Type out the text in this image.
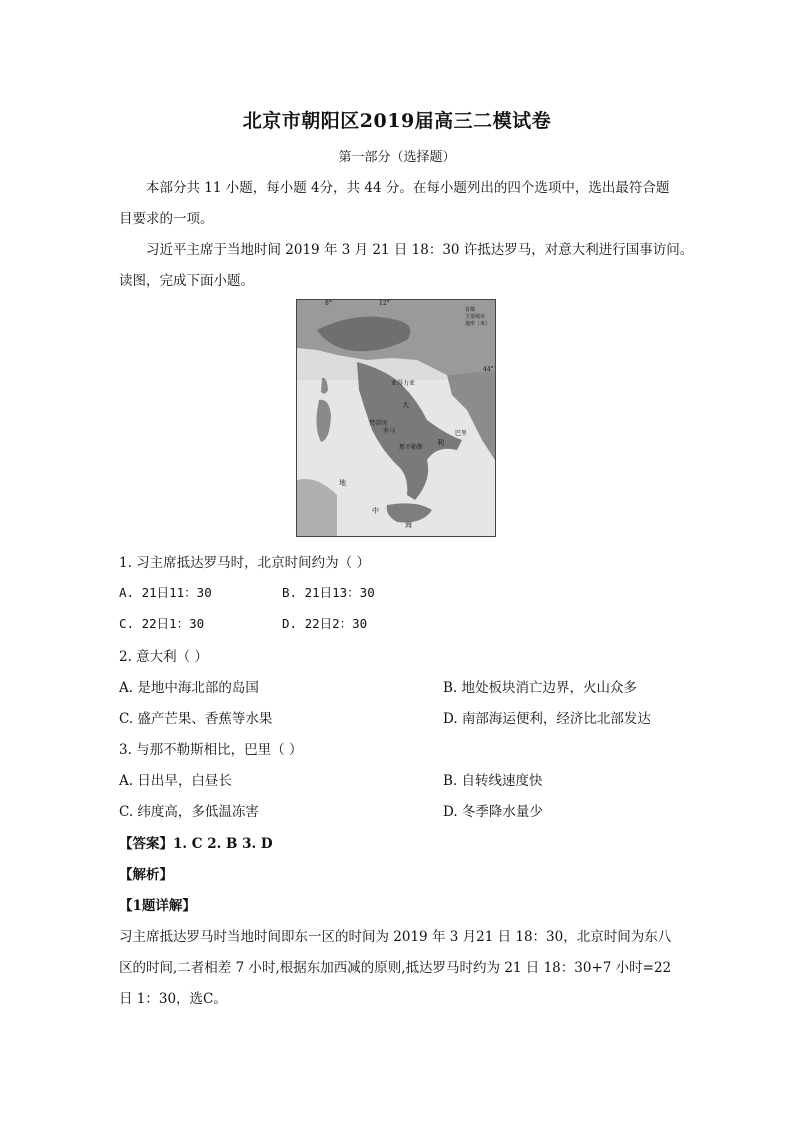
北京市朝阳区2019届高三二模试卷
第一部分（选择题）
本部分共 11 小题，每小题 4分，共 44 分。在每小题列出的四个选项中，选出最符合题
目要求的一项。
习近平主席于当地时间 2019 年 3 月 21 日 18：30 许抵达罗马，对意大利进行国事访问。
读图，完成下面小题。
8°	12°
44°
首都
主要城市
地形（米）
亚得力亚
大
梵蒂冈
罗马
那不勒斯
利
巴里
地
中
海
1. 习主席抵达罗马时，北京时间约为（ ）
A. 21日11：30	B. 21日13：30
C. 22日1：30	D. 22日2：30
2. 意大利（ ）
A. 是地中海北部的岛国	B. 地处板块消亡边界，火山众多
C. 盛产芒果、香蕉等水果	D. 南部海运便利，经济比北部发达
3. 与那不勒斯相比，巴里（ ）
A. 日出早，白昼长	B. 自转线速度快
C. 纬度高，多低温冻害	D. 冬季降水量少
【答案】1. C 2. B 3. D
【解析】
【1题详解】
习主席抵达罗马时当地时间即东一区的时间为 2019 年 3 月21 日 18：30，北京时间为东八
区的时间,二者相差 7 小时,根据东加西减的原则,抵达罗马时约为 21 日 18：30+7 小时=22
日 1：30，选C。
